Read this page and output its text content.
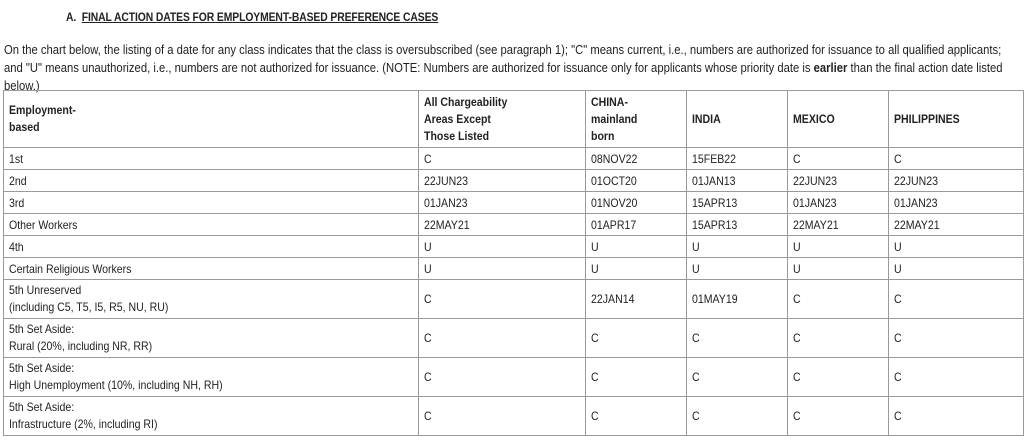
A. FINAL ACTION DATES FOR EMPLOYMENT-BASED PREFERENCE CASES
On the chart below, the listing of a date for any class indicates that the class is oversubscribed (see paragraph 1); "C" means current, i.e., numbers are authorized for issuance to all qualified applicants; and "U" means unauthorized, i.e., numbers are not authorized for issuance. (NOTE: Numbers are authorized for issuance only for applicants whose priority date is earlier than the final action date listed below.)
Employment-
based	All Chargeability
Areas Except
Those Listed	CHINA-
mainland
born	INDIA	MEXICO	PHILIPPINES
1st	C	08NOV22	15FEB22	C	C
2nd	22JUN23	01OCT20	01JAN13	22JUN23	22JUN23
3rd	01JAN23	01NOV20	15APR13	01JAN23	01JAN23
Other Workers	22MAY21	01APR17	15APR13	22MAY21	22MAY21
4th	U	U	U	U	U
Certain Religious Workers	U	U	U	U	U
5th Unreserved
(including C5, T5, I5, R5, NU, RU)	C	22JAN14	01MAY19	C	C
5th Set Aside:
Rural (20%, including NR, RR)	C	C	C	C	C
5th Set Aside:
High Unemployment (10%, including NH, RH)	C	C	C	C	C
5th Set Aside:
Infrastructure (2%, including RI)	C	C	C	C	C
